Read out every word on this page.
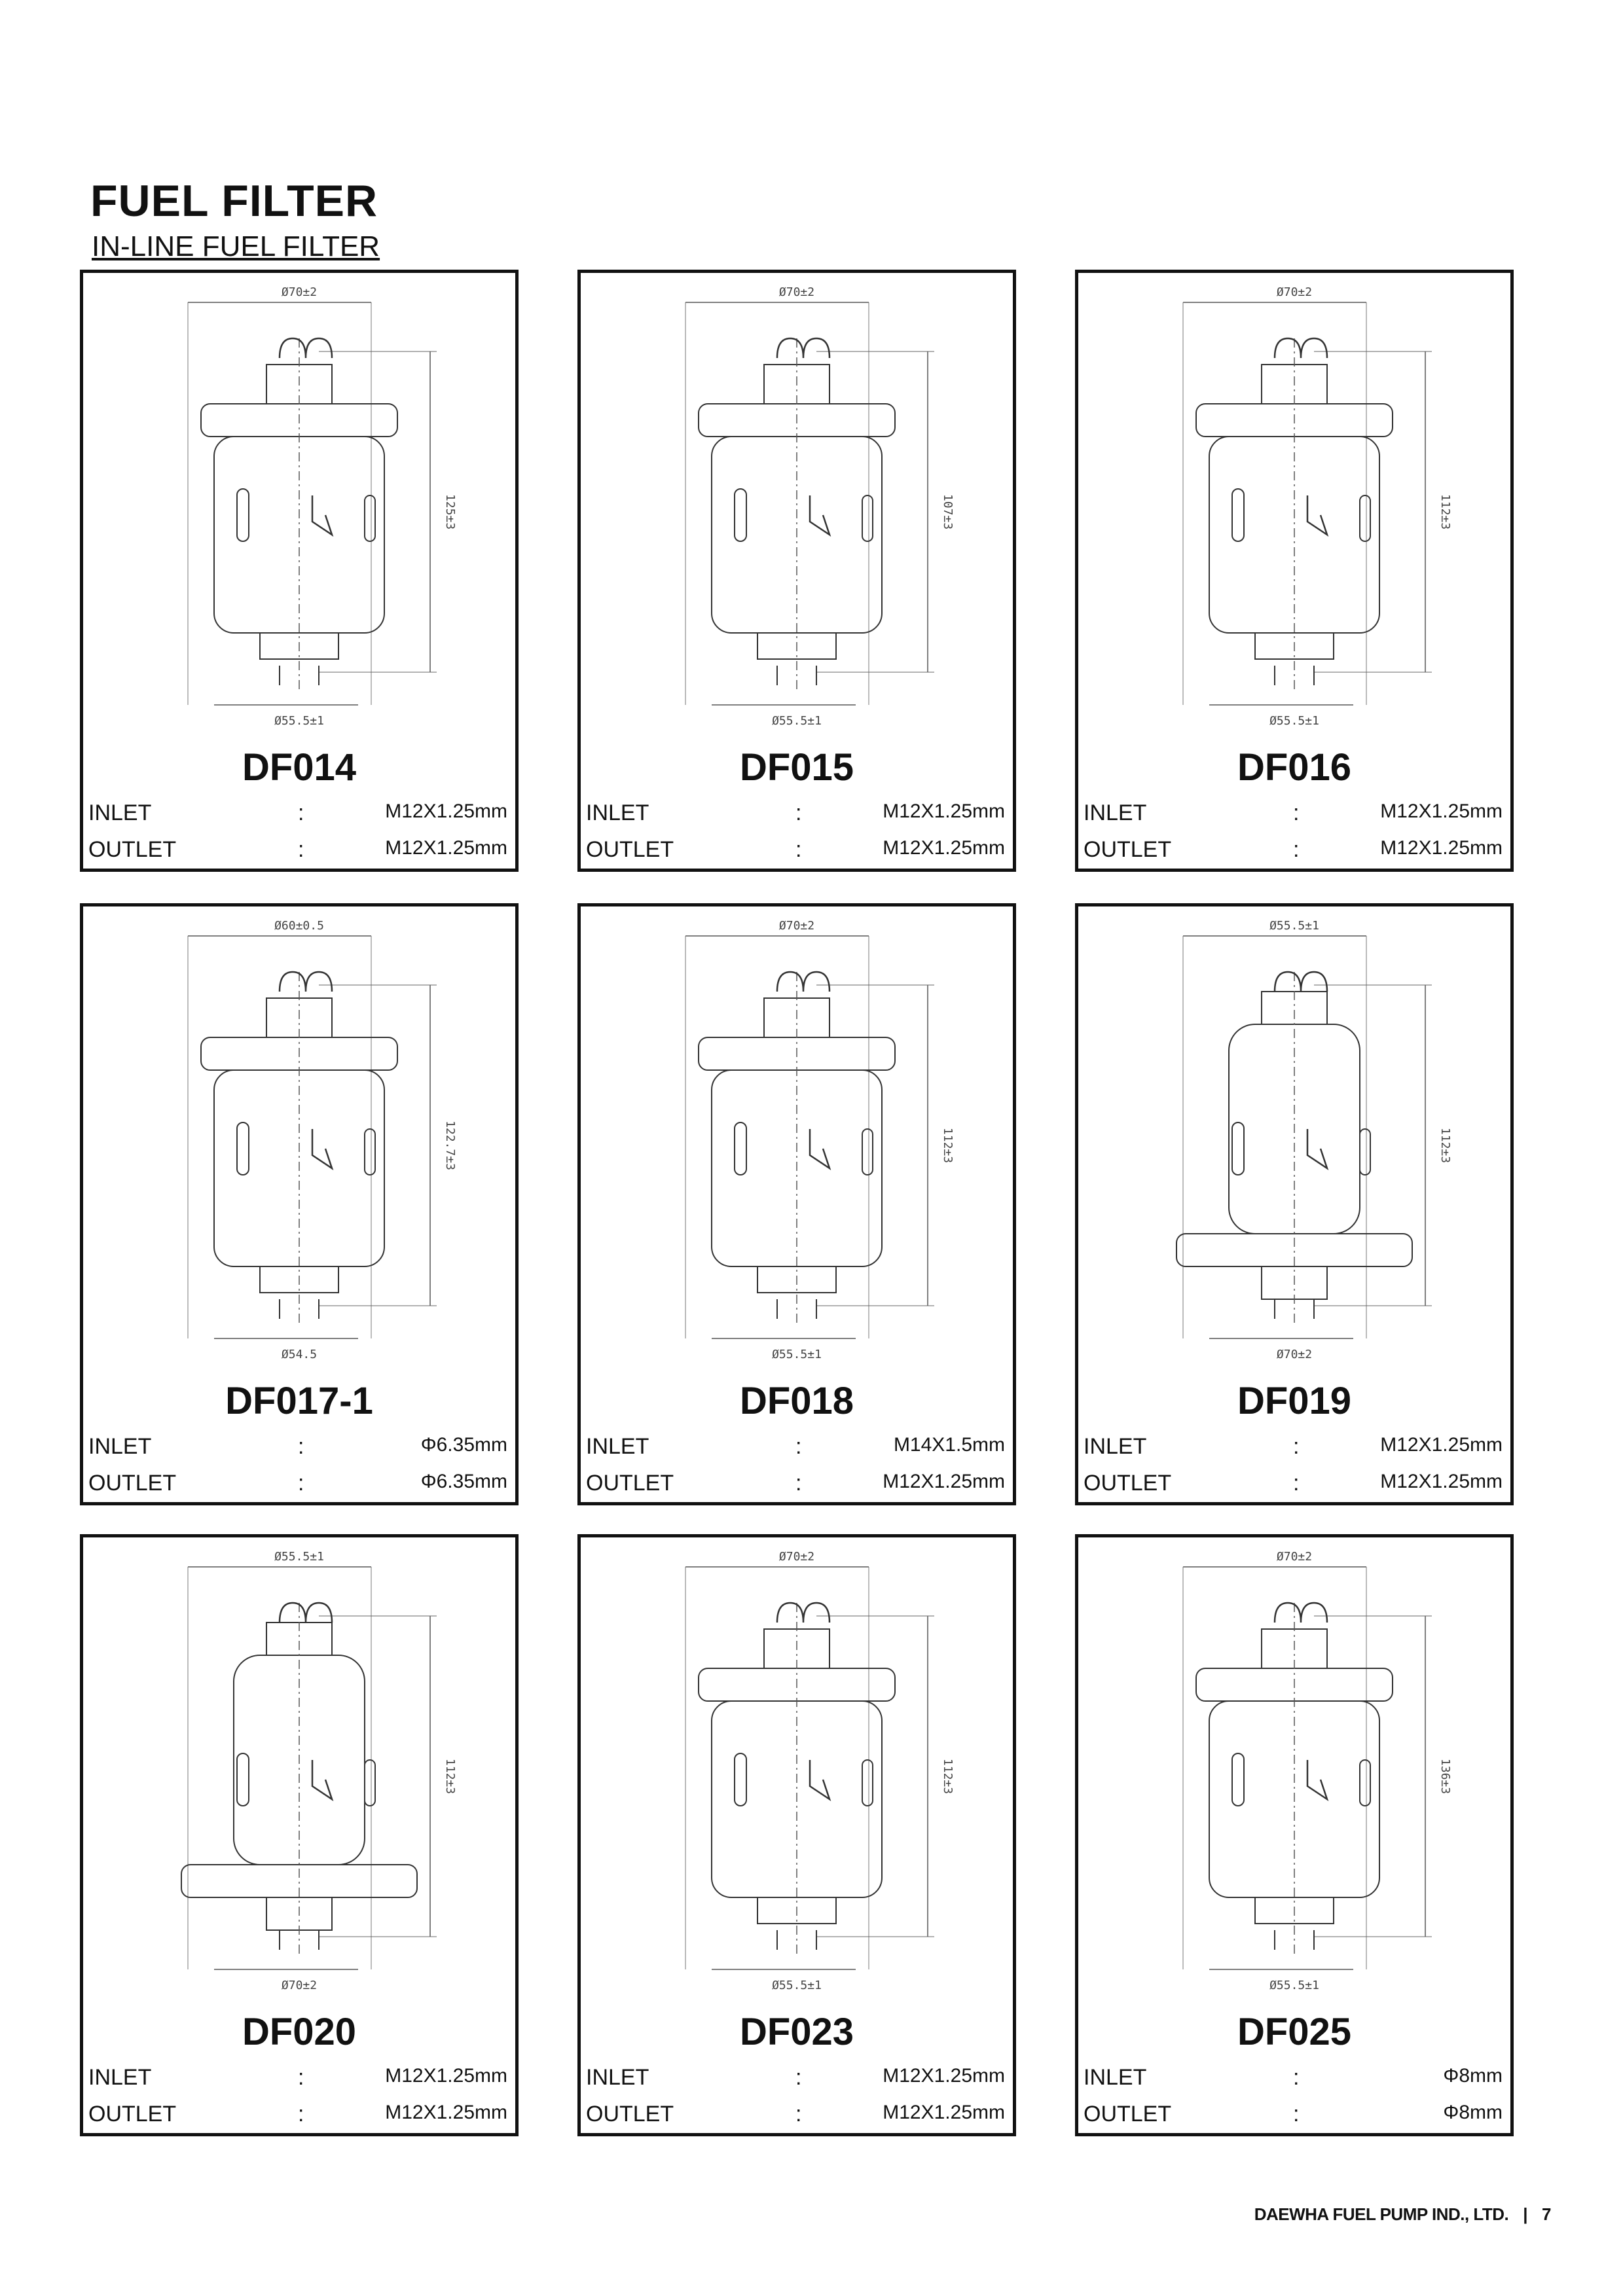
FUEL FILTER
IN-LINE FUEL FILTER
Ø70±2
Ø55.5±1
125±3
DF014
INLET	:	M12X1.25mm
OUTLET	:	M12X1.25mm
Ø70±2
Ø55.5±1
107±3
DF015
INLET	:	M12X1.25mm
OUTLET	:	M12X1.25mm
Ø70±2
Ø55.5±1
112±3
DF016
INLET	:	M12X1.25mm
OUTLET	:	M12X1.25mm
Ø60±0.5
Ø54.5
122.7±3
DF017-1
INLET	:	Φ6.35mm
OUTLET	:	Φ6.35mm
Ø70±2
Ø55.5±1
112±3
DF018
INLET	:	M14X1.5mm
OUTLET	:	M12X1.25mm
Ø55.5±1
Ø70±2
112±3
DF019
INLET	:	M12X1.25mm
OUTLET	:	M12X1.25mm
Ø55.5±1
Ø70±2
112±3
DF020
INLET	:	M12X1.25mm
OUTLET	:	M12X1.25mm
Ø70±2
Ø55.5±1
112±3
DF023
INLET	:	M12X1.25mm
OUTLET	:	M12X1.25mm
Ø70±2
Ø55.5±1
136±3
DF025
INLET	:	Φ8mm
OUTLET	:	Φ8mm
DAEWHA FUEL PUMP IND., LTD. | 7
